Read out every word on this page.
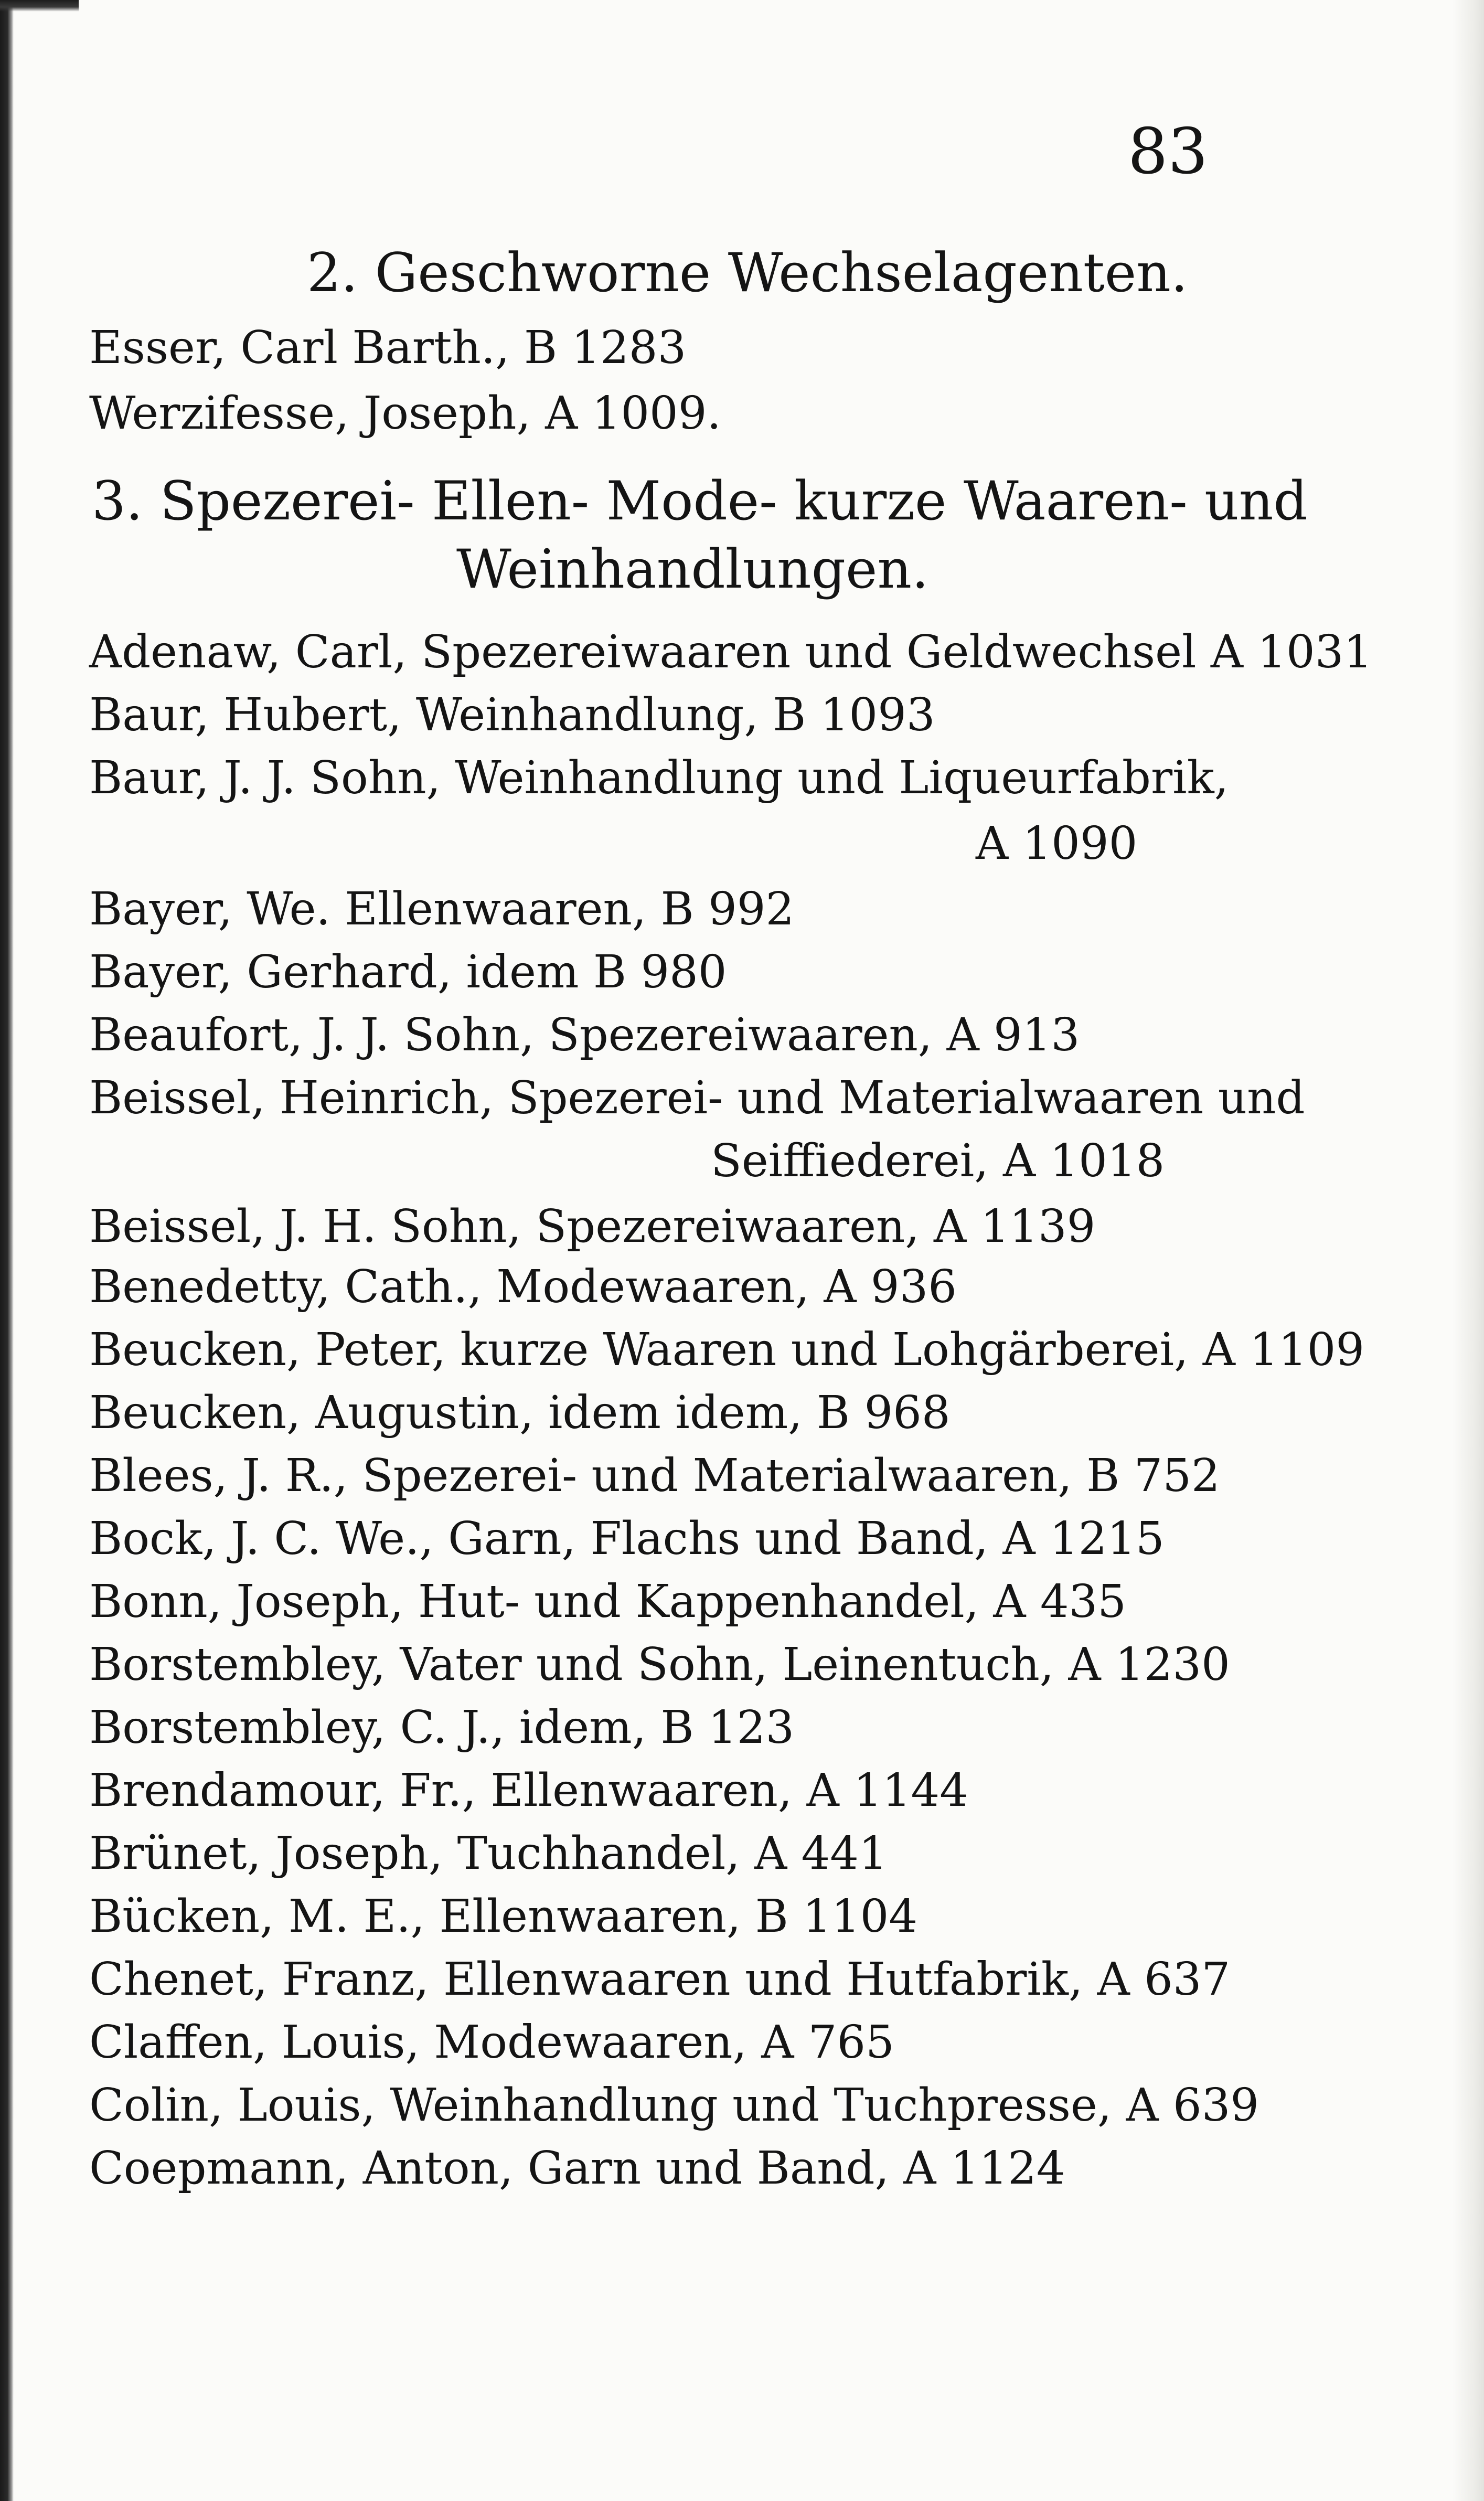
83
2. Geschworne Wechselagenten.
Esser, Carl Barth., B 1283
Werzifesse, Joseph, A 1009.
3. Spezerei- Ellen- Mode- kurze Waaren- und
Weinhandlungen.
Adenaw, Carl, Spezereiwaaren und Geldwechsel A 1031
Baur, Hubert, Weinhandlung, B 1093
Baur, J. J. Sohn, Weinhandlung und Liqueurfabrik,
A 1090
Bayer, We. Ellenwaaren, B 992
Bayer, Gerhard, idem B 980
Beaufort, J. J. Sohn, Spezereiwaaren, A 913
Beissel, Heinrich, Spezerei- und Materialwaaren und
Seiffiederei, A 1018
Beissel, J. H. Sohn, Spezereiwaaren, A 1139
Benedetty, Cath., Modewaaren, A 936
Beucken, Peter, kurze Waaren und Lohgärberei, A 1109
Beucken, Augustin, idem idem, B 968
Blees, J. R., Spezerei- und Materialwaaren, B 752
Bock, J. C. We., Garn, Flachs und Band, A 1215
Bonn, Joseph, Hut- und Kappenhandel, A 435
Borstembley, Vater und Sohn, Leinentuch, A 1230
Borstembley, C. J., idem, B 123
Brendamour, Fr., Ellenwaaren, A 1144
Brünet, Joseph, Tuchhandel, A 441
Bücken, M. E., Ellenwaaren, B 1104
Chenet, Franz, Ellenwaaren und Hutfabrik, A 637
Claffen, Louis, Modewaaren, A 765
Colin, Louis, Weinhandlung und Tuchpresse, A 639
Coepmann, Anton, Garn und Band, A 1124
